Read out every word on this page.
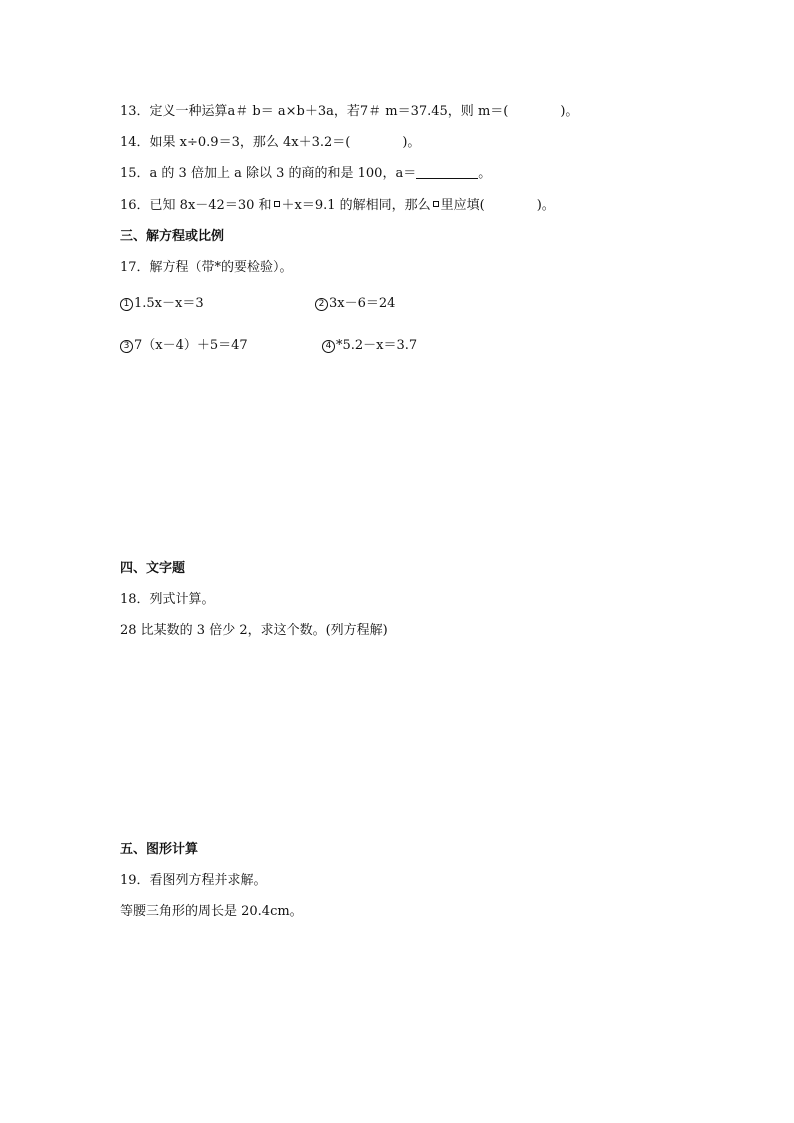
13．定义一种运算a＃ b＝ a×b＋3a，若7＃ m＝37.45，则 m＝(　　　　)。
14．如果 x÷0.9＝3，那么 4x＋3.2＝(　　　　)。
15．a 的 3 倍加上 a 除以 3 的商的和是 100，a＝	。
16．已知 8x－42＝30 和 ＋x＝9.1 的解相同，那么 里应填(　　　　)。
三、解方程或比例
17．解方程（带*的要检验）。
1 1.5x－x＝3	2 3x－6＝24
3 7（x－4）＋5＝47	4 *5.2－x＝3.7
四、文字题
18．列式计算。
28 比某数的 3 倍少 2，求这个数。(列方程解)
五、图形计算
19．看图列方程并求解。
等腰三角形的周长是 20.4cm。
